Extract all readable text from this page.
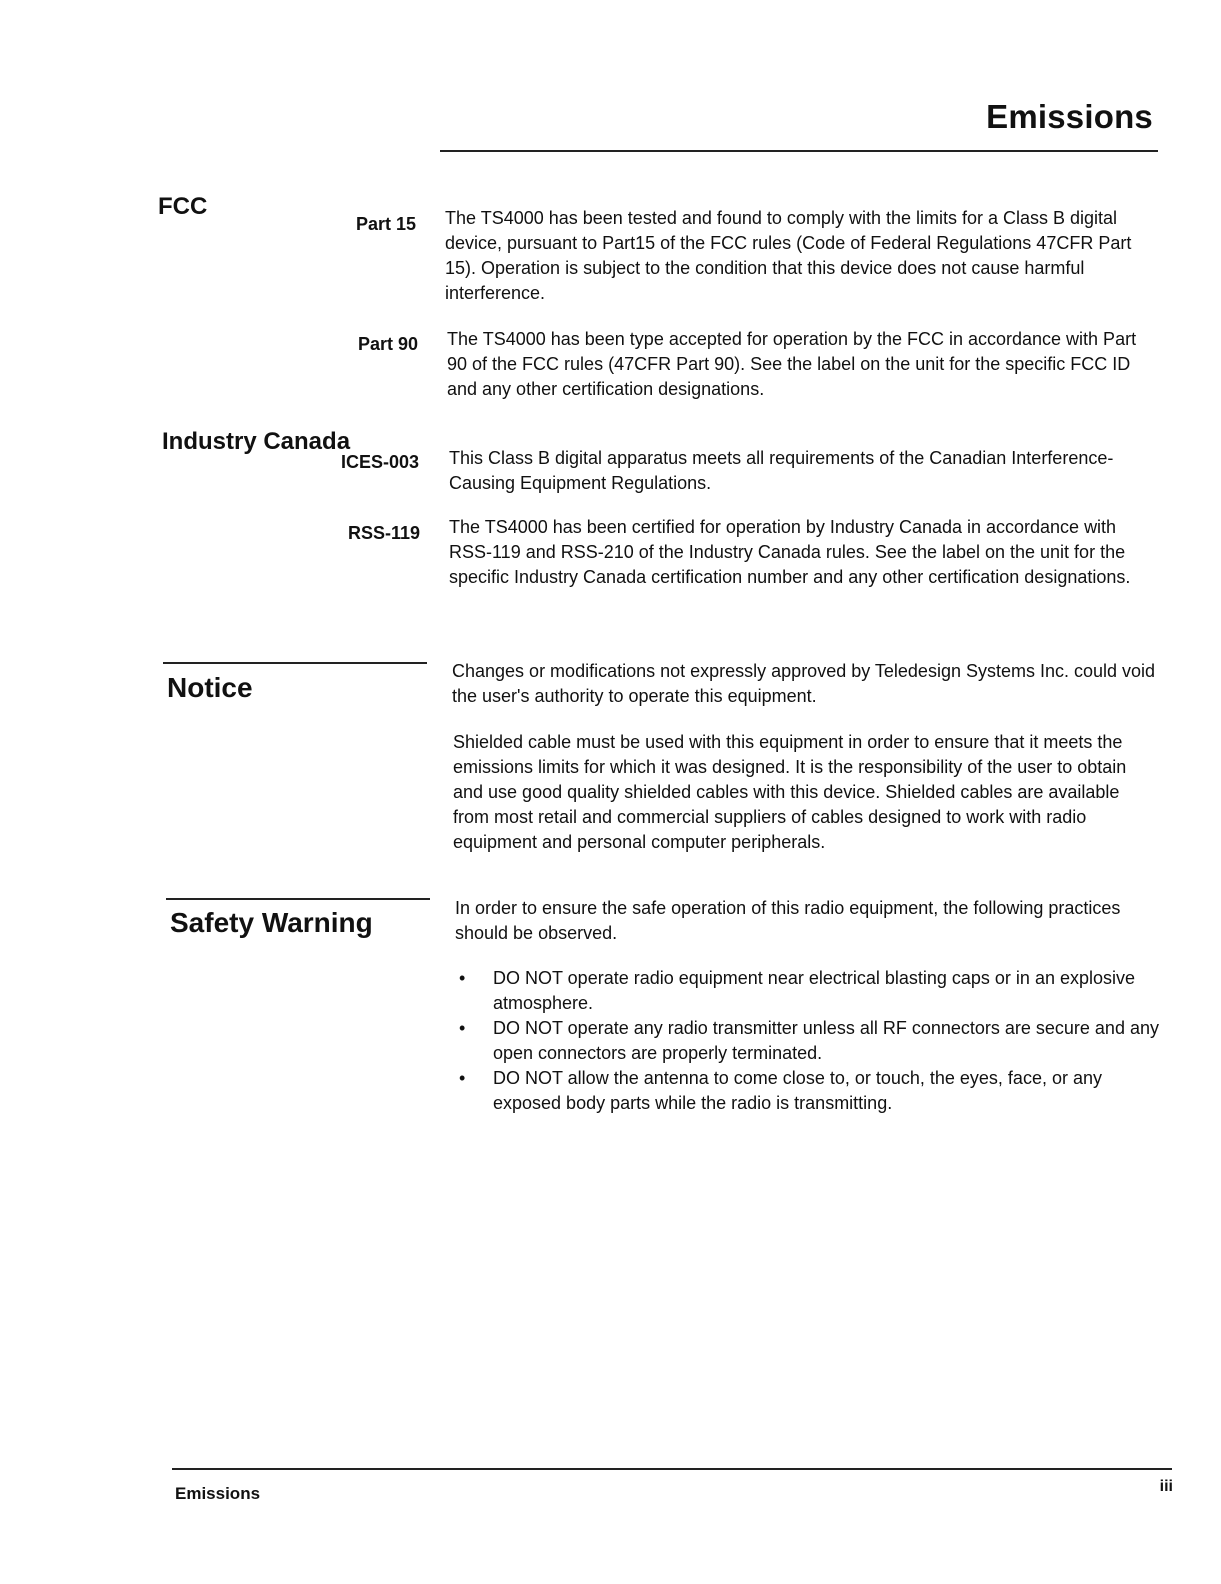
Emissions
FCC
Part 15 The TS4000 has been tested and found to comply with the limits for a Class B digital device, pursuant to Part15 of the FCC rules (Code of Federal Regulations 47CFR Part 15). Operation is subject to the condition that this device does not cause harmful interference.
Part 90 The TS4000 has been type accepted for operation by the FCC in accordance with Part 90 of the FCC rules (47CFR Part 90). See the label on the unit for the specific FCC ID and any other certification designations.
Industry Canada
ICES-003 This Class B digital apparatus meets all requirements of the Canadian Interference-Causing Equipment Regulations.
RSS-119 The TS4000 has been certified for operation by Industry Canada in accordance with RSS-119 and RSS-210 of the Industry Canada rules. See the label on the unit for the specific Industry Canada certification number and any other certification designations.
Notice
Changes or modifications not expressly approved by Teledesign Systems Inc. could void the user's authority to operate this equipment.
Shielded cable must be used with this equipment in order to ensure that it meets the emissions limits for which it was designed. It is the responsibility of the user to obtain and use good quality shielded cables with this device. Shielded cables are available from most retail and commercial suppliers of cables designed to work with radio equipment and personal computer peripherals.
Safety Warning	In order to ensure the safe operation of this radio equipment, the following practices should be observed.
• DO NOT operate radio equipment near electrical blasting caps or in an explosive atmosphere.
• DO NOT operate any radio transmitter unless all RF connectors are secure and any open connectors are properly terminated.
• DO NOT allow the antenna to come close to, or touch, the eyes, face, or any exposed body parts while the radio is transmitting.
Emissions	iii
